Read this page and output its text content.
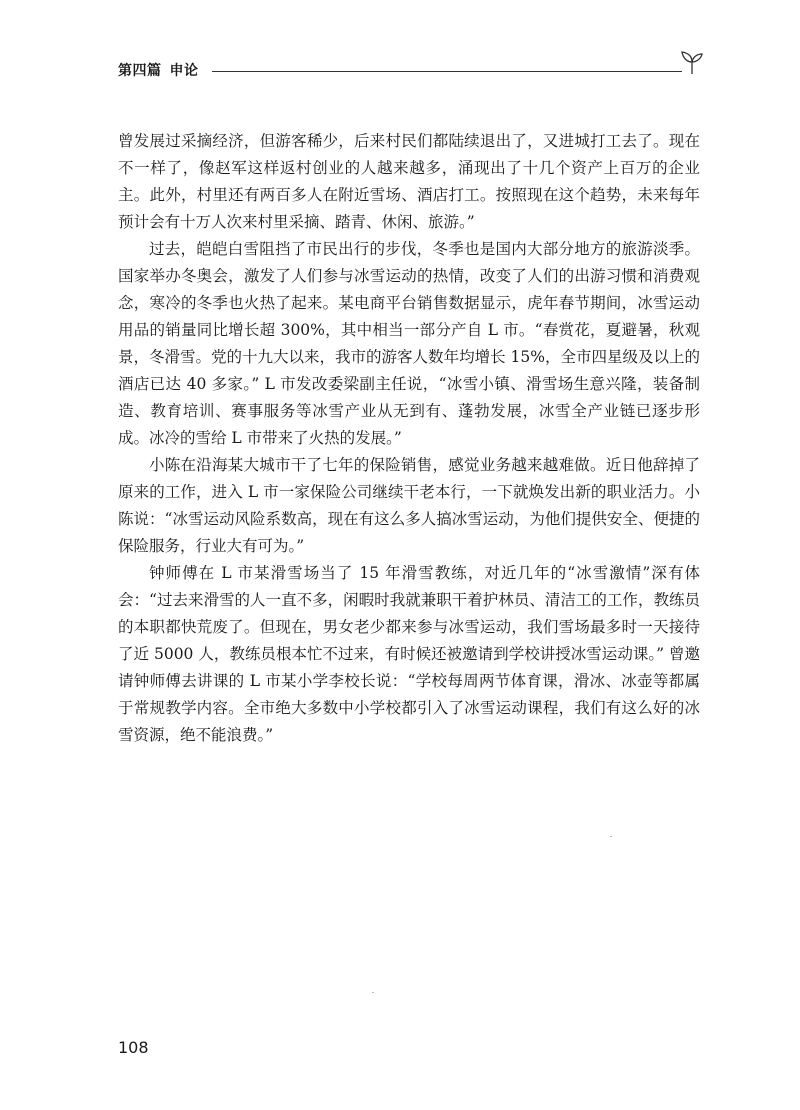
第四篇 申论

曾发展过采摘经济，但游客稀少，后来村民们都陆续退出了，又进城打工去了。现在不一样了，像赵军这样返村创业的人越来越多，涌现出了十几个资产上百万的企业主。此外，村里还有两百多人在附近雪场、酒店打工。按照现在这个趋势，未来每年预计会有十万人次来村里采摘、踏青、休闲、旅游。”

过去，皑皑白雪阻挡了市民出行的步伐，冬季也是国内大部分地方的旅游淡季。国家举办冬奥会，激发了人们参与冰雪运动的热情，改变了人们的出游习惯和消费观念，寒冷的冬季也火热了起来。某电商平台销售数据显示，虎年春节期间，冰雪运动用品的销量同比增长超 300%，其中相当一部分产自 L 市。“春赏花，夏避暑，秋观景，冬滑雪。党的十九大以来，我市的游客人数年均增长 15%，全市四星级及以上的酒店已达 40 多家。” L 市发改委梁副主任说，“冰雪小镇、滑雪场生意兴隆，装备制造、教育培训、赛事服务等冰雪产业从无到有、蓬勃发展，冰雪全产业链已逐步形成。冰冷的雪给 L 市带来了火热的发展。”

小陈在沿海某大城市干了七年的保险销售，感觉业务越来越难做。近日他辞掉了原来的工作，进入 L 市一家保险公司继续干老本行，一下就焕发出新的职业活力。小陈说：“冰雪运动风险系数高，现在有这么多人搞冰雪运动，为他们提供安全、便捷的保险服务，行业大有可为。”

钟师傅在 L 市某滑雪场当了 15 年滑雪教练，对近几年的“冰雪激情”深有体会：“过去来滑雪的人一直不多，闲暇时我就兼职干着护林员、清洁工的工作，教练员的本职都快荒废了。但现在，男女老少都来参与冰雪运动，我们雪场最多时一天接待了近 5000 人，教练员根本忙不过来，有时候还被邀请到学校讲授冰雪运动课。” 曾邀请钟师傅去讲课的 L 市某小学李校长说：“学校每周两节体育课，滑冰、冰壶等都属于常规教学内容。全市绝大多数中小学校都引入了冰雪运动课程，我们有这么好的冰雪资源，绝不能浪费。”

108
